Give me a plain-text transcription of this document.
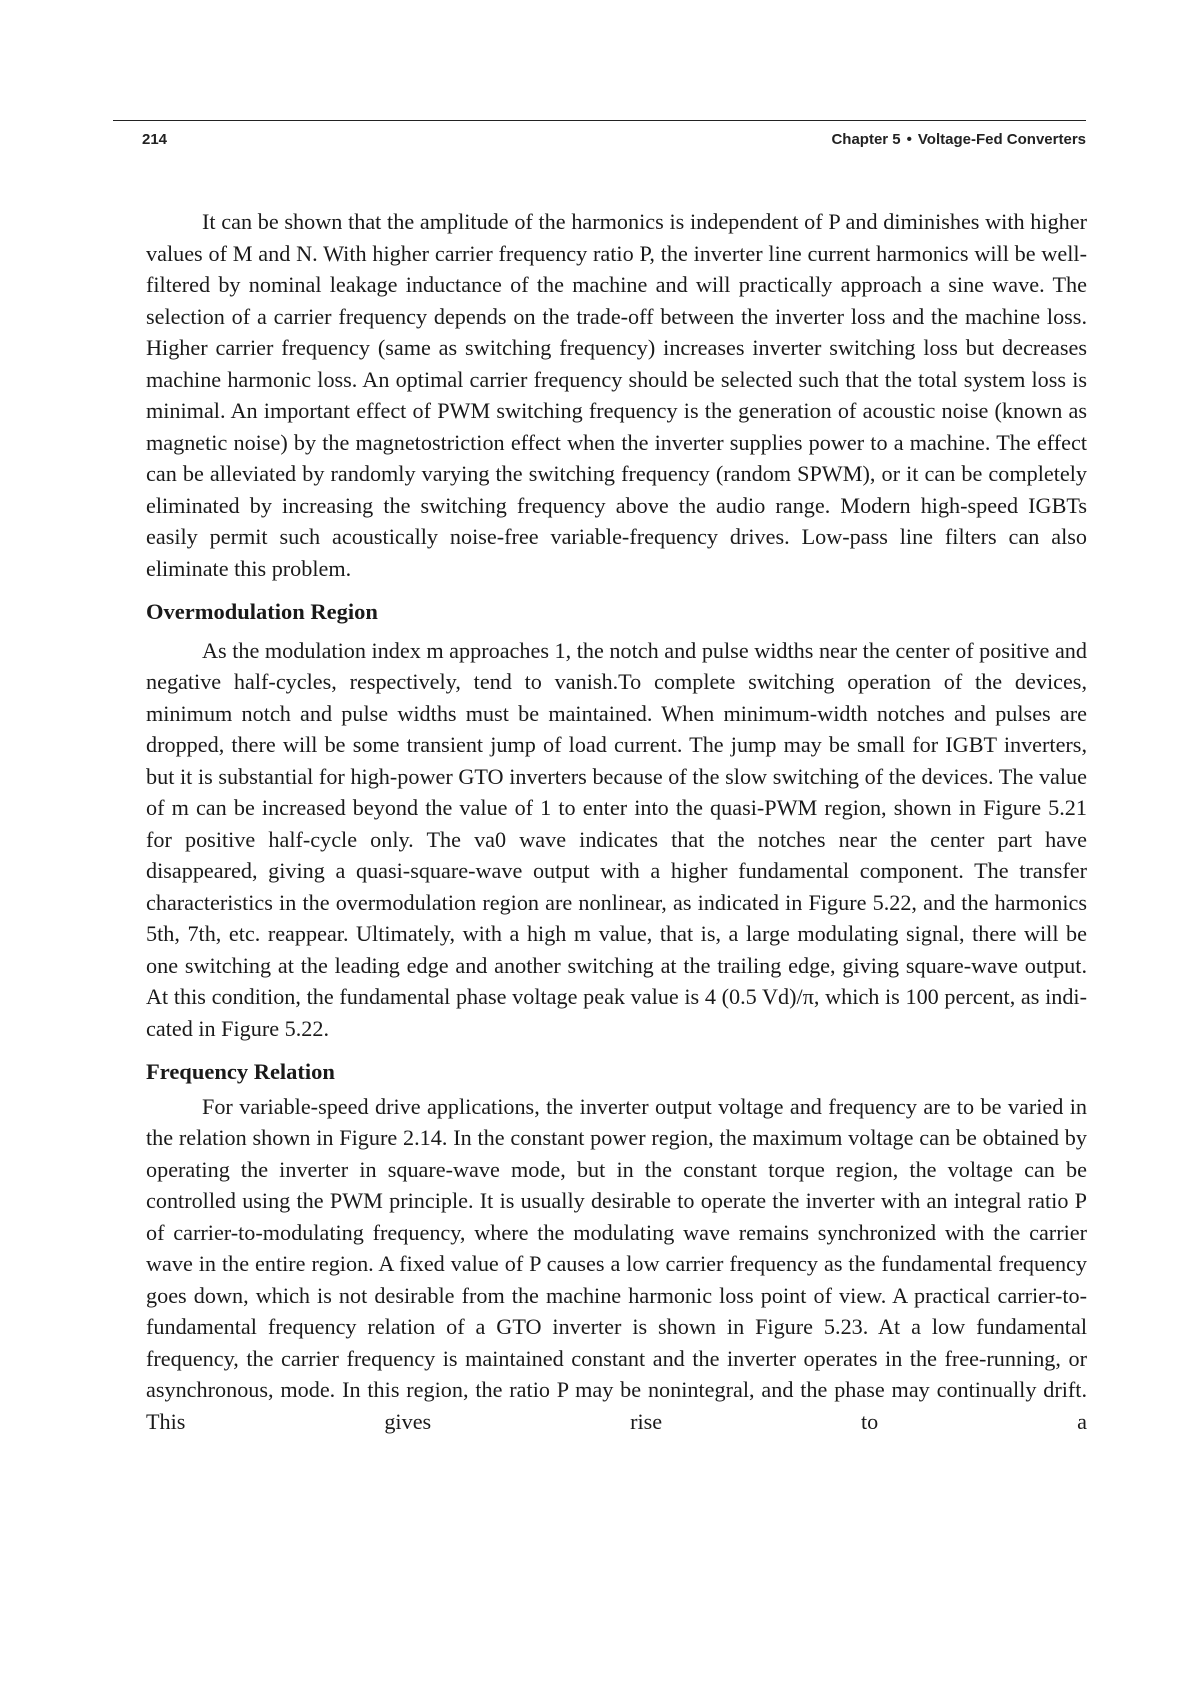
214	Chapter 5 • Voltage-Fed Converters

It can be shown that the amplitude of the harmonics is independent of P and diminishes with higher values of M and N. With higher carrier frequency ratio P, the inverter line current harmonics will be well-filtered by nominal leakage inductance of the machine and will practically approach a sine wave. The selection of a carrier frequency depends on the trade-off between the inverter loss and the machine loss. Higher carrier frequency (same as switching frequency) increases inverter switching loss but decreases machine harmonic loss. An optimal carrier frequency should be selected such that the total system loss is minimal. An important effect of PWM switching frequency is the generation of acoustic noise (known as magnetic noise) by the magnetostriction effect when the inverter supplies power to a machine. The effect can be alleviated by randomly varying the switching frequency (random SPWM), or it can be completely eliminated by increasing the switching frequency above the audio range. Modern high-speed IGBTs easily permit such acoustically noise-free variable-frequency drives. Low-pass line filters can also eliminate this problem.

Overmodulation Region

As the modulation index m approaches 1, the notch and pulse widths near the center of positive and negative half-cycles, respectively, tend to vanish.To complete switching operation of the devices, minimum notch and pulse widths must be maintained. When minimum-width notches and pulses are dropped, there will be some transient jump of load current. The jump may be small for IGBT inverters, but it is substantial for high-power GTO inverters because of the slow switching of the devices. The value of m can be increased beyond the value of 1 to enter into the quasi-PWM region, shown in Figure 5.21 for positive half-cycle only. The va0 wave indicates that the notches near the center part have disappeared, giving a quasi-square-wave output with a higher fundamental component. The transfer characteristics in the overmodulation region are nonlinear, as indicated in Figure 5.22, and the harmonics 5th, 7th, etc. reappear. Ultimately, with a high m value, that is, a large modulating signal, there will be one switching at the leading edge and another switching at the trailing edge, giving square-wave output. At this condition, the fundamental phase voltage peak value is 4 (0.5 Vd)/π, which is 100 percent, as indicated in Figure 5.22.

Frequency Relation

For variable-speed drive applications, the inverter output voltage and frequency are to be varied in the relation shown in Figure 2.14. In the constant power region, the maximum voltage can be obtained by operating the inverter in square-wave mode, but in the constant torque region, the voltage can be controlled using the PWM principle. It is usually desirable to operate the inverter with an integral ratio P of carrier-to-modulating frequency, where the modulating wave remains synchronized with the carrier wave in the entire region. A fixed value of P causes a low carrier frequency as the fundamental frequency goes down, which is not desirable from the machine harmonic loss point of view. A practical carrier-to-fundamental frequency relation of a GTO inverter is shown in Figure 5.23. At a low fundamental frequency, the carrier frequency is maintained constant and the inverter operates in the free-running, or asynchronous, mode. In this region, the ratio P may be nonintegral, and the phase may continually drift. This gives rise to a
